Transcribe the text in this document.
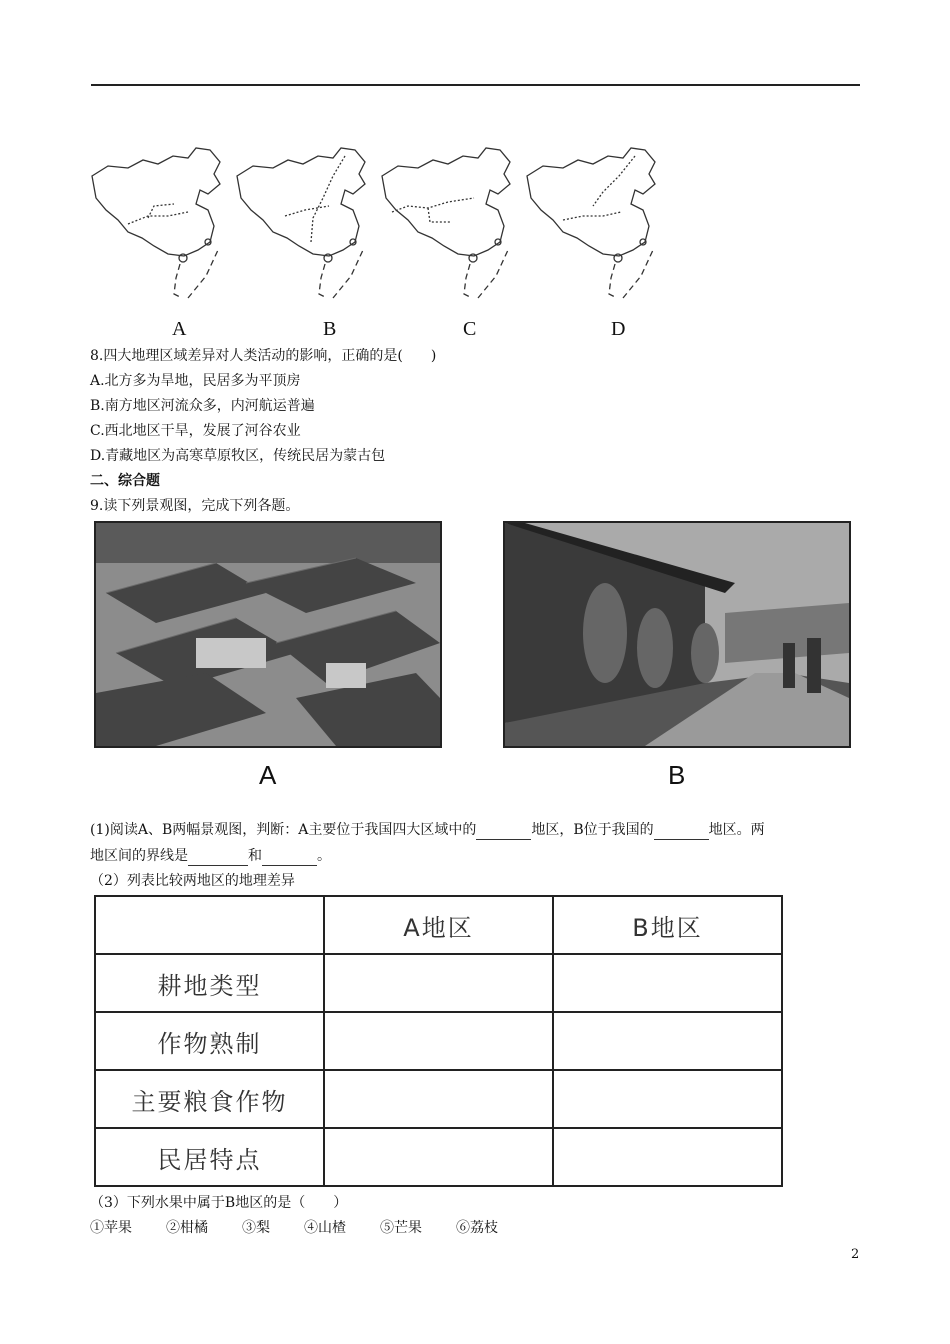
A	B	C	D
8.四大地理区域差异对人类活动的影响，正确的是(　　)
A.北方多为旱地，民居多为平顶房
B.南方地区河流众多，内河航运普遍
C.西北地区干旱，发展了河谷农业
D.青藏地区为高寒草原牧区，传统民居为蒙古包
二、综合题
9.读下列景观图，完成下列各题。
A	B
(1)阅读A、B两幅景观图，判断：A主要位于我国四大区域中的	地区，B位于我国的	地区。两
地区间的界线是	和	。
（2）列表比较两地区的地理差异
	A地区	B地区
耕地类型		
作物熟制		
主要粮食作物		
民居特点		
（3）下列水果中属于B地区的是（　　）
①苹果 ②柑橘 ③梨 ④山楂 ⑤芒果 ⑥荔枝
2
